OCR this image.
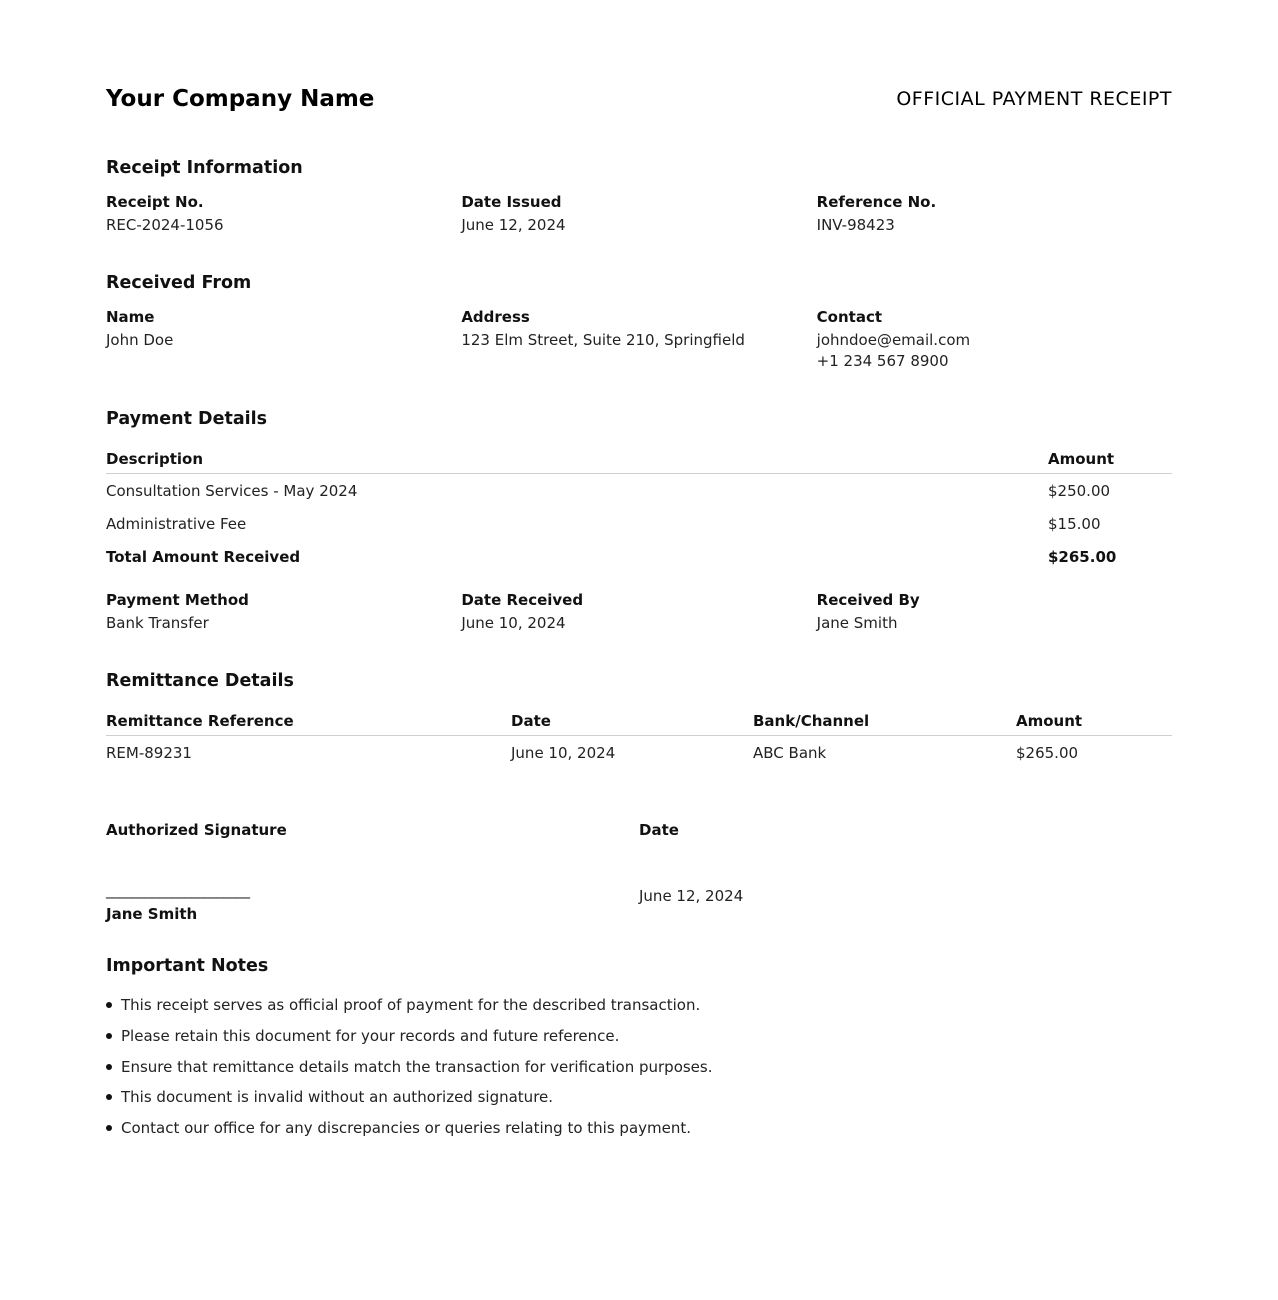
Your Company Name	OFFICIAL PAYMENT RECEIPT
Receipt Information
Receipt No.
REC-2024-1056
Date Issued
June 12, 2024
Reference No.
INV-98423
Received From
Name
John Doe
Address
123 Elm Street, Suite 210, Springfield
Contact
johndoe@email.com
+1 234 567 8900
Payment Details
Description	Amount
Consultation Services - May 2024	$250.00
Administrative Fee	$15.00
Total Amount Received	$265.00
Payment Method
Bank Transfer
Date Received
June 10, 2024
Received By
Jane Smith
Remittance Details
Remittance Reference	Date	Bank/Channel	Amount
REM-89231	June 10, 2024	ABC Bank	$265.00
Authorized Signature
______________________
Jane Smith
Date
June 12, 2024
Important Notes
This receipt serves as official proof of payment for the described transaction.
Please retain this document for your records and future reference.
Ensure that remittance details match the transaction for verification purposes.
This document is invalid without an authorized signature.
Contact our office for any discrepancies or queries relating to this payment.
